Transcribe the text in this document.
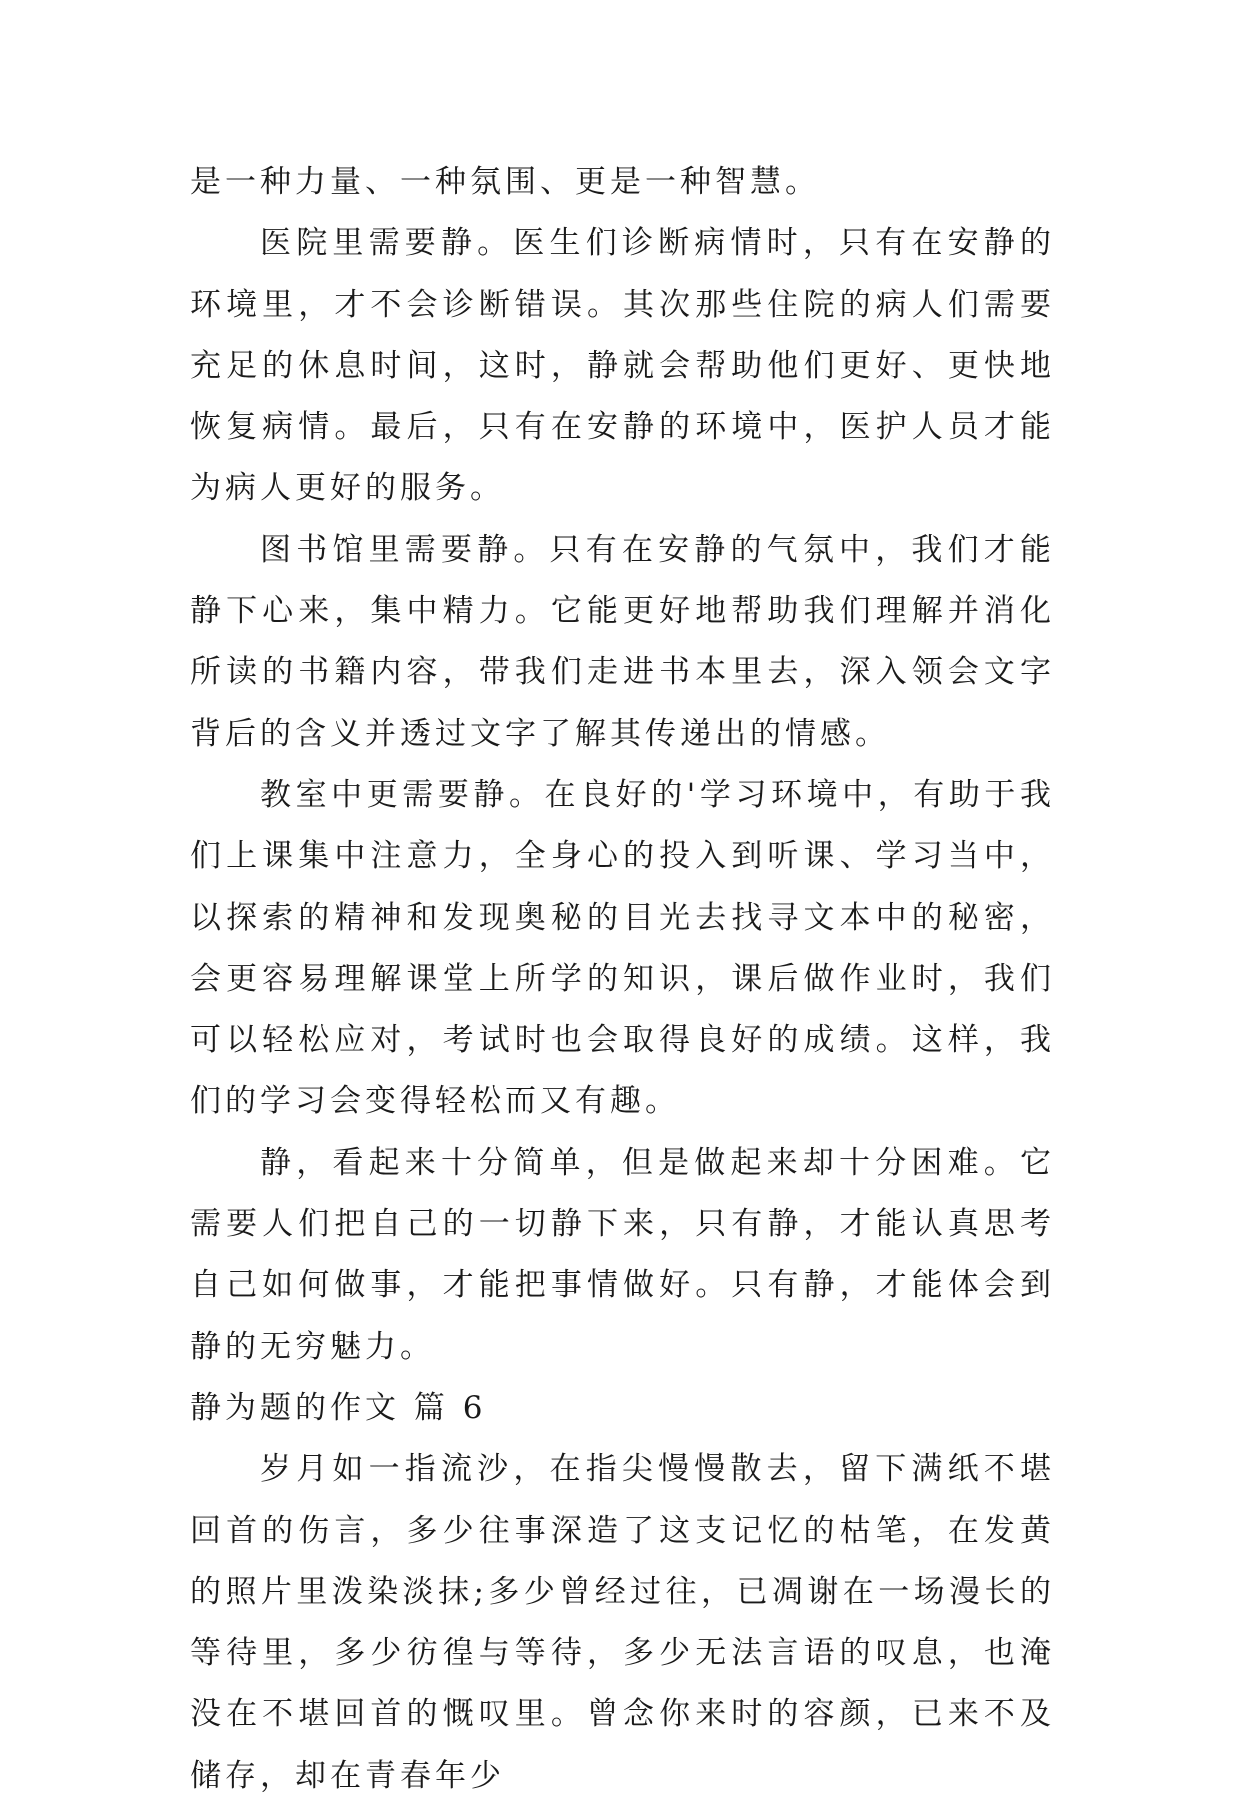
是一种力量、一种氛围、更是一种智慧。

医院里需要静。医生们诊断病情时，只有在安静的环境里，才不会诊断错误。其次那些住院的病人们需要充足的休息时间，这时，静就会帮助他们更好、更快地恢复病情。最后，只有在安静的环境中，医护人员才能为病人更好的服务。

图书馆里需要静。只有在安静的气氛中，我们才能静下心来，集中精力。它能更好地帮助我们理解并消化所读的书籍内容，带我们走进书本里去，深入领会文字背后的含义并透过文字了解其传递出的情感。

教室中更需要静。在良好的'学习环境中，有助于我们上课集中注意力，全身心的投入到听课、学习当中，以探索的精神和发现奥秘的目光去找寻文本中的秘密，会更容易理解课堂上所学的知识，课后做作业时，我们可以轻松应对，考试时也会取得良好的成绩。这样，我们的学习会变得轻松而又有趣。

静，看起来十分简单，但是做起来却十分困难。它需要人们把自己的一切静下来，只有静，才能认真思考自己如何做事，才能把事情做好。只有静，才能体会到静的无穷魅力。

静为题的作文 篇 6

岁月如一指流沙，在指尖慢慢散去，留下满纸不堪回首的伤言，多少往事深造了这支记忆的枯笔，在发黄的照片里泼染淡抹;多少曾经过往，已凋谢在一场漫长的等待里，多少彷徨与等待，多少无法言语的叹息，也淹没在不堪回首的慨叹里。曾念你来时的容颜，已来不及储存，却在青春年少
